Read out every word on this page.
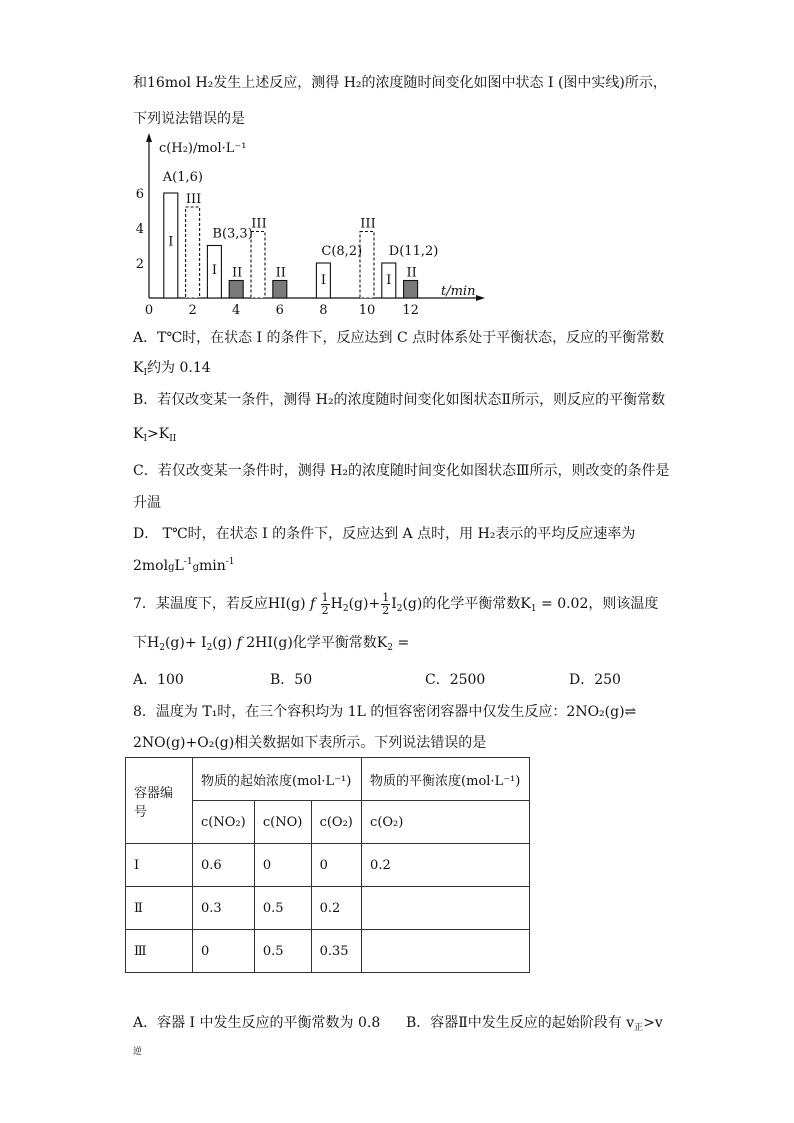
和16mol H₂发生上述反应，测得 H₂的浓度随时间变化如图中状态 I (图中实线)所示，
下列说法错误的是
c(H₂)/mol·L⁻¹
t/min
0	2	4	6	8 10 12
2
4
6
I
III
I II
III
II	I
III
I II
A(1,6)
B(3,3)
C(8,2) D(11,2)
A．T℃时，在状态 I 的条件下，反应达到 C 点时体系处于平衡状态，反应的平衡常数
$K_I$约为 0.14
B．若仅改变某一条件，测得 H₂的浓度随时间变化如图状态Ⅱ所示，则反应的平衡常数
$K_I>K_{II}$
C．若仅改变某一条件时，测得 H₂的浓度随时间变化如图状态Ⅲ所示，则改变的条件是
升温
D． T℃时，在状态 I 的条件下，反应达到 A 点时，用 H₂表示的平均反应速率为
2molgL$^{-1}$gmin$^{-1}$
7．某温度下，若反应HI(g) f $\frac{1}{2} H_2(g)+ \frac{1}{2} I_2(g)$的化学平衡常数$K_1 = 0.02$，则该温度
下$H_2(g)+ I_2(g)$ f 2HI(g)化学平衡常数$K_2$ =
A．100	B．50	C．2500	D．250
8．温度为 T₁时，在三个容积均为 1L 的恒容密闭容器中仅发生反应：2NO₂(g)⇌
2NO(g)+O₂(g)相关数据如下表所示。下列说法错误的是
容器编号	物质的起始浓度(mol·L⁻¹)			物质的平衡浓度(mol·L⁻¹)
	c(NO₂)	c(NO)	c(O₂)	c(O₂)
Ⅰ	0.6	0	0	0.2
Ⅱ	0.3	0.5	0.2	
Ⅲ	0	0.5	0.35	
A．容器 I 中发生反应的平衡常数为 0.8 B．容器Ⅱ中发生反应的起始阶段有 $v_正>v$
逆
